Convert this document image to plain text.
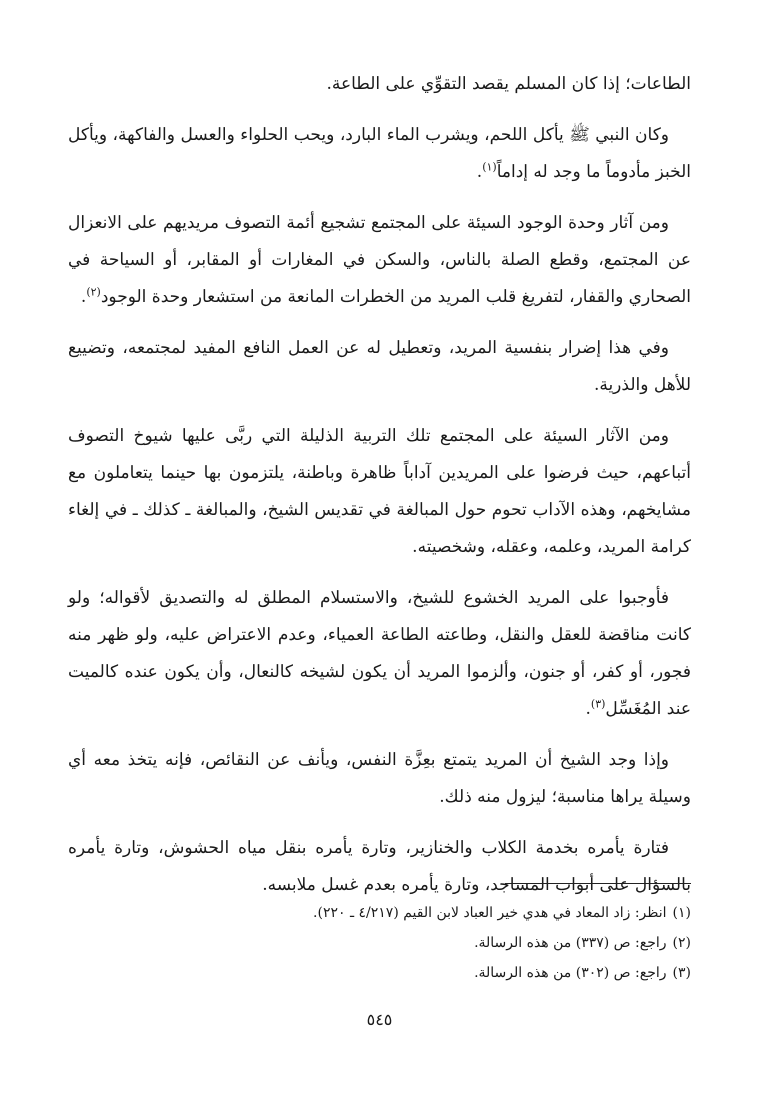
الطاعات؛ إذا كان المسلم يقصد التقوِّي على الطاعة.

وكان النبي ﷺ يأكل اللحم، ويشرب الماء البارد، ويحب الحلواء والعسل والفاكهة، ويأكل الخبز مأدوماً ما وجد له إداماً$^{(١)}$.

ومن آثار وحدة الوجود السيئة على المجتمع تشجيع أئمة التصوف مريديهم على الانعزال عن المجتمع، وقطع الصلة بالناس، والسكن في المغارات أو المقابر، أو السياحة في الصحاري والقفار، لتفريغ قلب المريد من الخطرات المانعة من استشعار وحدة الوجود$^{(٢)}$.

وفي هذا إضرار بنفسية المريد، وتعطيل له عن العمل النافع المفيد لمجتمعه، وتضييع للأهل والذرية.

ومن الآثار السيئة على المجتمع تلك التربية الذليلة التي ربَّى عليها شيوخ التصوف أتباعهم، حيث فرضوا على المريدين آداباً ظاهرة وباطنة، يلتزمون بها حينما يتعاملون مع مشايخهم، وهذه الآداب تحوم حول المبالغة في تقديس الشيخ، والمبالغة ـ كذلك ـ في إلغاء كرامة المريد، وعلمه، وعقله، وشخصيته.

فأوجبوا على المريد الخشوع للشيخ، والاستسلام المطلق له والتصديق لأقواله؛ ولو كانت مناقضة للعقل والنقل، وطاعته الطاعة العمياء، وعدم الاعتراض عليه، ولو ظهر منه فجور، أو كفر، أو جنون، وألزموا المريد أن يكون لشيخه كالنعال، وأن يكون عنده كالميت عند المُغَسِّل$^{(٣)}$.

وإذا وجد الشيخ أن المريد يتمتع بعِزَّة النفس، ويأنف عن النقائص، فإنه يتخذ معه أي وسيلة يراها مناسبة؛ ليزول منه ذلك.

فتارة يأمره بخدمة الكلاب والخنازير، وتارة يأمره بنقل مياه الحشوش، وتارة يأمره بالسؤال على أبواب المساجد، وتارة يأمره بعدم غسل ملابسه.

(١)انظر: زاد المعاد في هدي خير العباد لابن القيم (٤/٢١٧ ـ ٢٢٠).

(٢)راجع: ص (٣٣٧) من هذه الرسالة.

(٣)راجع: ص (٣٠٢) من هذه الرسالة.

٥٤٥
